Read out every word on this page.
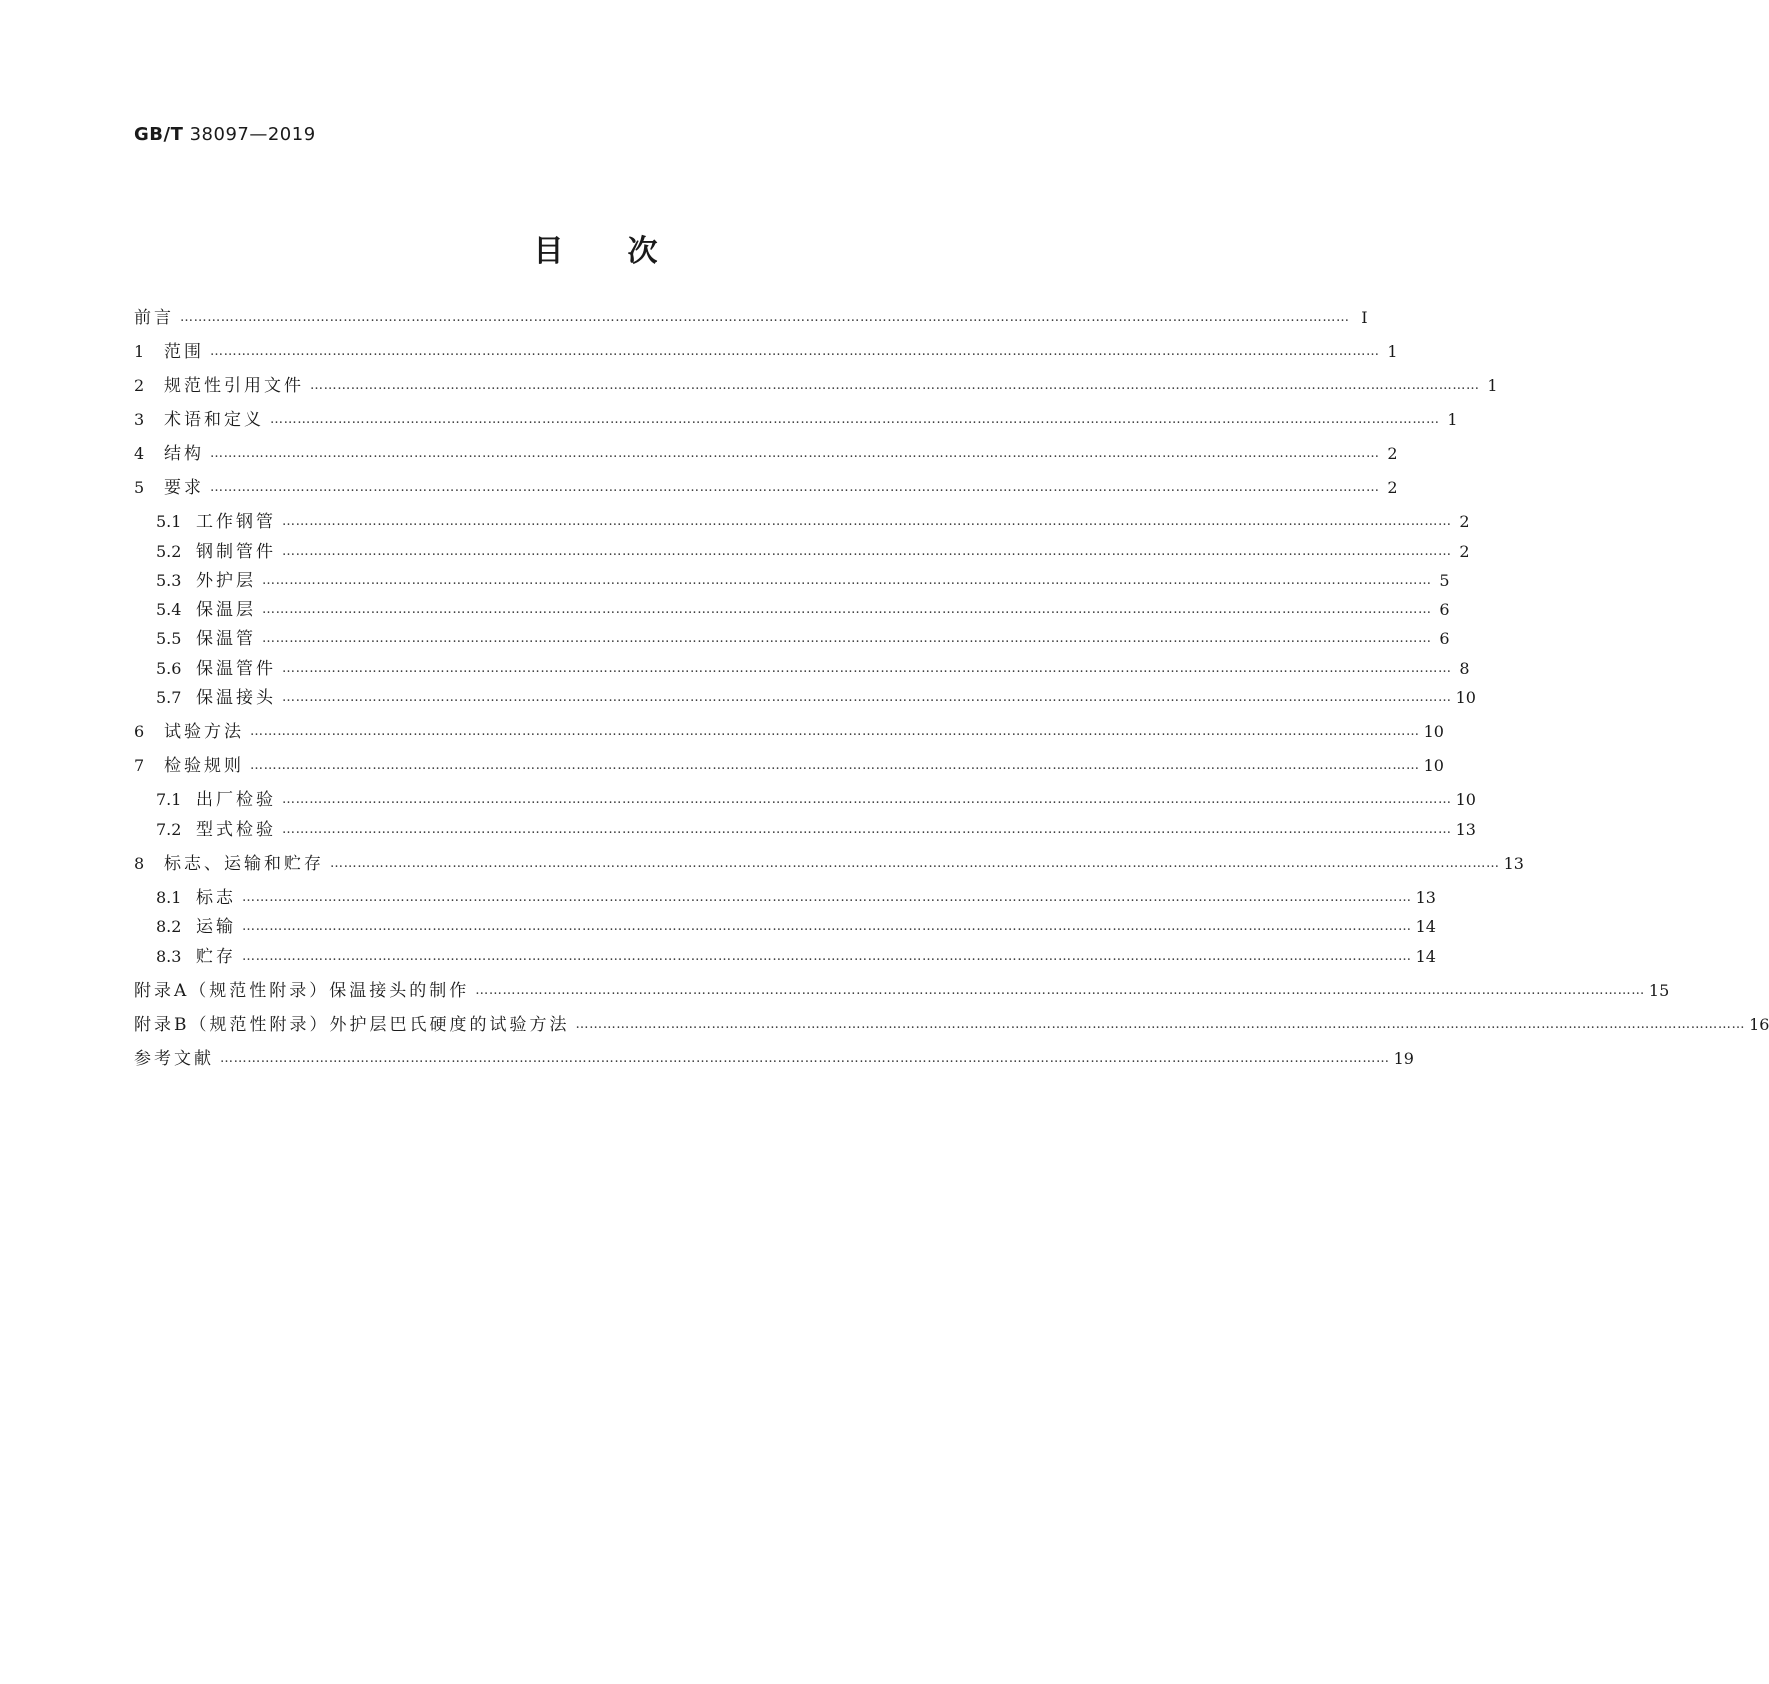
GB/T 38097—2019
目 次
前言 …………………………………………………………………………………………………………………………………………………………………………………………………………………………………… Ⅰ
1	范围 …………………………………………………………………………………………………………………………………………………………………………………………………………………………………… 1
2	规范性引用文件 …………………………………………………………………………………………………………………………………………………………………………………………………………………………………… 1
3	术语和定义 …………………………………………………………………………………………………………………………………………………………………………………………………………………………………… 1
4	结构 …………………………………………………………………………………………………………………………………………………………………………………………………………………………………… 2
5	要求 …………………………………………………………………………………………………………………………………………………………………………………………………………………………………… 2
5.1 工作钢管 …………………………………………………………………………………………………………………………………………………………………………………………………………………………………… 2
5.2 钢制管件 …………………………………………………………………………………………………………………………………………………………………………………………………………………………………… 2
5.3 外护层 …………………………………………………………………………………………………………………………………………………………………………………………………………………………………… 5
5.4 保温层 …………………………………………………………………………………………………………………………………………………………………………………………………………………………………… 6
5.5 保温管 …………………………………………………………………………………………………………………………………………………………………………………………………………………………………… 6
5.6 保温管件 …………………………………………………………………………………………………………………………………………………………………………………………………………………………………… 8
5.7 保温接头 …………………………………………………………………………………………………………………………………………………………………………………………………………………………………… 10
6	试验方法 …………………………………………………………………………………………………………………………………………………………………………………………………………………………………… 10
7	检验规则 …………………………………………………………………………………………………………………………………………………………………………………………………………………………………… 10
7.1 出厂检验 …………………………………………………………………………………………………………………………………………………………………………………………………………………………………… 10
7.2 型式检验 …………………………………………………………………………………………………………………………………………………………………………………………………………………………………… 13
8	标志、运输和贮存 …………………………………………………………………………………………………………………………………………………………………………………………………………………………………… 13
8.1 标志 …………………………………………………………………………………………………………………………………………………………………………………………………………………………………… 13
8.2 运输 …………………………………………………………………………………………………………………………………………………………………………………………………………………………………… 14
8.3 贮存 …………………………………………………………………………………………………………………………………………………………………………………………………………………………………… 14
附录A（规范性附录）保温接头的制作 …………………………………………………………………………………………………………………………………………………………………………………………………………………………………… 15
附录B（规范性附录）外护层巴氏硬度的试验方法 …………………………………………………………………………………………………………………………………………………………………………………………………………………………………… 16
参考文献 …………………………………………………………………………………………………………………………………………………………………………………………………………………………………… 19
